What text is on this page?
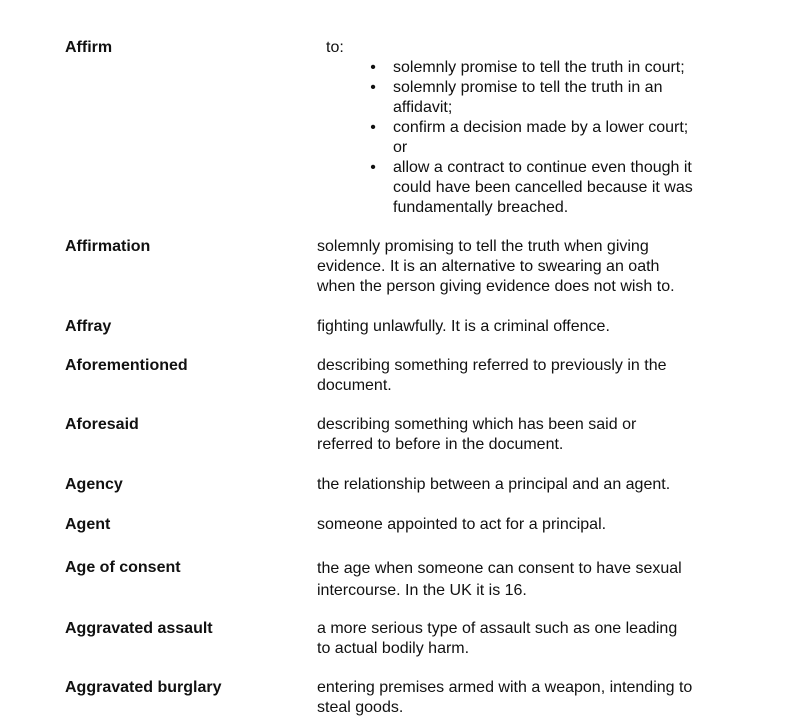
Affirm	to:
• solemnly promise to tell the truth in court;
• solemnly promise to tell the truth in an
affidavit;
• confirm a decision made by a lower court;
or
• allow a contract to continue even though it
could have been cancelled because it was
fundamentally breached.
Affirmation	solemnly promising to tell the truth when giving
evidence. It is an alternative to swearing an oath
when the person giving evidence does not wish to.
Affray	fighting unlawfully. It is a criminal offence.
Aforementioned	describing something referred to previously in the
document.
Aforesaid	describing something which has been said or
referred to before in the document.
Agency	the relationship between a principal and an agent.
Agent	someone appointed to act for a principal.
Age of consent	the age when someone can consent to have sexual
intercourse. In the UK it is 16.
Aggravated assault	a more serious type of assault such as one leading
to actual bodily harm.
Aggravated burglary	entering premises armed with a weapon, intending to
steal goods.
